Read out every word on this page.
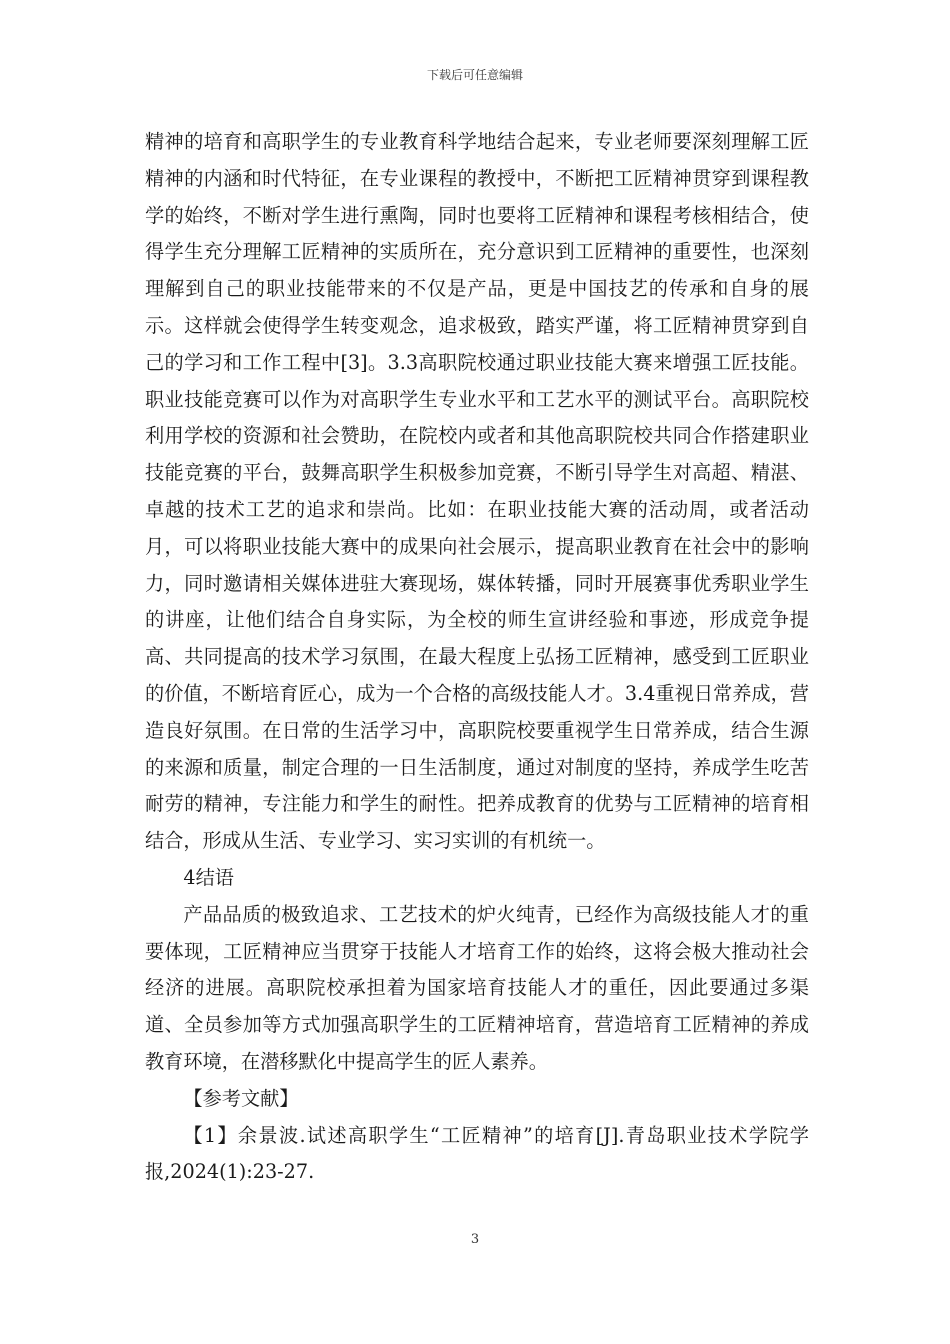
下载后可任意编辑

精神的培育和高职学生的专业教育科学地结合起来，专业老师要深刻理解工匠精神的内涵和时代特征，在专业课程的教授中，不断把工匠精神贯穿到课程教学的始终，不断对学生进行熏陶，同时也要将工匠精神和课程考核相结合，使得学生充分理解工匠精神的实质所在，充分意识到工匠精神的重要性，也深刻理解到自己的职业技能带来的不仅是产品，更是中国技艺的传承和自身的展示。这样就会使得学生转变观念，追求极致，踏实严谨，将工匠精神贯穿到自己的学习和工作工程中[3]。3.3高职院校通过职业技能大赛来增强工匠技能。职业技能竞赛可以作为对高职学生专业水平和工艺水平的测试平台。高职院校利用学校的资源和社会赞助，在院校内或者和其他高职院校共同合作搭建职业技能竞赛的平台，鼓舞高职学生积极参加竞赛，不断引导学生对高超、精湛、卓越的技术工艺的追求和崇尚。比如：在职业技能大赛的活动周，或者活动月，可以将职业技能大赛中的成果向社会展示，提高职业教育在社会中的影响力，同时邀请相关媒体进驻大赛现场，媒体转播，同时开展赛事优秀职业学生的讲座，让他们结合自身实际，为全校的师生宣讲经验和事迹，形成竞争提高、共同提高的技术学习氛围，在最大程度上弘扬工匠精神，感受到工匠职业的价值，不断培育匠心，成为一个合格的高级技能人才。3.4重视日常养成，营造良好氛围。在日常的生活学习中，高职院校要重视学生日常养成，结合生源的来源和质量，制定合理的一日生活制度，通过对制度的坚持，养成学生吃苦耐劳的精神，专注能力和学生的耐性。把养成教育的优势与工匠精神的培育相结合，形成从生活、专业学习、实习实训的有机统一。

4结语

产品品质的极致追求、工艺技术的炉火纯青，已经作为高级技能人才的重要体现，工匠精神应当贯穿于技能人才培育工作的始终，这将会极大推动社会经济的进展。高职院校承担着为国家培育技能人才的重任，因此要通过多渠道、全员参加等方式加强高职学生的工匠精神培育，营造培育工匠精神的养成教育环境，在潜移默化中提高学生的匠人素养。

【参考文献】

【1】余景波.试述高职学生“工匠精神”的培育[J].青岛职业技术学院学报,2024(1):23-27.

3
